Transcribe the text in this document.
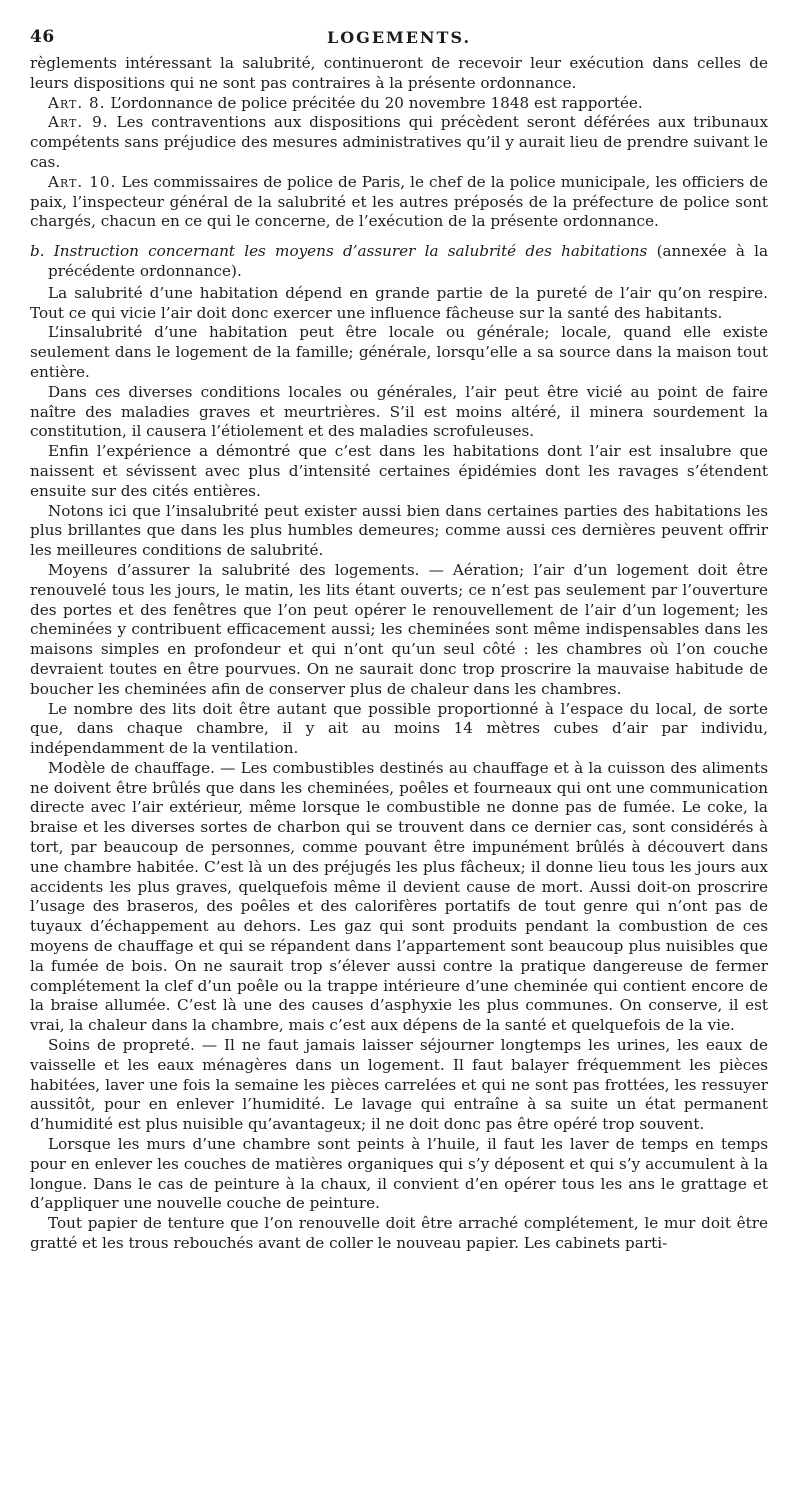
46	LOGEMENTS.

règlements intéressant la salubrité, continueront de recevoir leur exécution dans celles de leurs dispositions qui ne sont pas contraires à la présente ordonnance.

Art. 8. L’ordonnance de police précitée du 20 novembre 1848 est rapportée.

Art. 9. Les contraventions aux dispositions qui précèdent seront déférées aux tribunaux compétents sans préjudice des mesures administratives qu’il y aurait lieu de prendre suivant le cas.

Art. 10. Les commissaires de police de Paris, le chef de la police municipale, les officiers de paix, l’inspecteur général de la salubrité et les autres préposés de la préfecture de police sont chargés, chacun en ce qui le concerne, de l’exécution de la présente ordonnance.

b. Instruction concernant les moyens d’assurer la salubrité des habitations (annexée à la précédente ordonnance).

La salubrité d’une habitation dépend en grande partie de la pureté de l’air qu’on respire. Tout ce qui vicie l’air doit donc exercer une influence fâcheuse sur la santé des habitants.

L’insalubrité d’une habitation peut être locale ou générale; locale, quand elle existe seulement dans le logement de la famille; générale, lorsqu’elle a sa source dans la maison tout entière.

Dans ces diverses conditions locales ou générales, l’air peut être vicié au point de faire naître des maladies graves et meurtrières. S’il est moins altéré, il minera sourdement la constitution, il causera l’étiolement et des maladies scrofuleuses.

Enfin l’expérience a démontré que c’est dans les habitations dont l’air est insalubre que naissent et sévissent avec plus d’intensité certaines épidémies dont les ravages s’étendent ensuite sur des cités entières.

Notons ici que l’insalubrité peut exister aussi bien dans certaines parties des habitations les plus brillantes que dans les plus humbles demeures; comme aussi ces dernières peuvent offrir les meilleures conditions de salubrité.

Moyens d’assurer la salubrité des logements. — Aération; l’air d’un logement doit être renouvelé tous les jours, le matin, les lits étant ouverts; ce n’est pas seulement par l’ouverture des portes et des fenêtres que l’on peut opérer le renouvellement de l’air d’un logement; les cheminées y contribuent efficacement aussi; les cheminées sont même indispensables dans les maisons simples en profondeur et qui n’ont qu’un seul côté : les chambres où l’on couche devraient toutes en être pourvues. On ne saurait donc trop proscrire la mauvaise habitude de boucher les cheminées afin de conserver plus de chaleur dans les chambres.

Le nombre des lits doit être autant que possible proportionné à l’espace du local, de sorte que, dans chaque chambre, il y ait au moins 14 mètres cubes d’air par individu, indépendamment de la ventilation.

Modèle de chauffage. — Les combustibles destinés au chauffage et à la cuisson des aliments ne doivent être brûlés que dans les cheminées, poêles et fourneaux qui ont une communication directe avec l’air extérieur, même lorsque le combustible ne donne pas de fumée. Le coke, la braise et les diverses sortes de charbon qui se trouvent dans ce dernier cas, sont considérés à tort, par beaucoup de personnes, comme pouvant être impunément brûlés à découvert dans une chambre habitée. C’est là un des préjugés les plus fâcheux; il donne lieu tous les jours aux accidents les plus graves, quelquefois même il devient cause de mort. Aussi doit-on proscrire l’usage des braseros, des poêles et des calorifères portatifs de tout genre qui n’ont pas de tuyaux d’échappement au dehors. Les gaz qui sont produits pendant la combustion de ces moyens de chauffage et qui se répandent dans l’appartement sont beaucoup plus nuisibles que la fumée de bois. On ne saurait trop s’élever aussi contre la pratique dangereuse de fermer complétement la clef d’un poêle ou la trappe intérieure d’une cheminée qui contient encore de la braise allumée. C’est là une des causes d’asphyxie les plus communes. On conserve, il est vrai, la chaleur dans la chambre, mais c’est aux dépens de la santé et quelquefois de la vie.

Soins de propreté. — Il ne faut jamais laisser séjourner longtemps les urines, les eaux de vaisselle et les eaux ménagères dans un logement. Il faut balayer fréquemment les pièces habitées, laver une fois la semaine les pièces carrelées et qui ne sont pas frottées, les ressuyer aussitôt, pour en enlever l’humidité. Le lavage qui entraîne à sa suite un état permanent d’humidité est plus nuisible qu’avantageux; il ne doit donc pas être opéré trop souvent.

Lorsque les murs d’une chambre sont peints à l’huile, il faut les laver de temps en temps pour en enlever les couches de matières organiques qui s’y déposent et qui s’y accumulent à la longue. Dans le cas de peinture à la chaux, il convient d’en opérer tous les ans le grattage et d’appliquer une nouvelle couche de peinture.

Tout papier de tenture que l’on renouvelle doit être arraché complétement, le mur doit être gratté et les trous rebouchés avant de coller le nouveau papier. Les cabinets parti-
